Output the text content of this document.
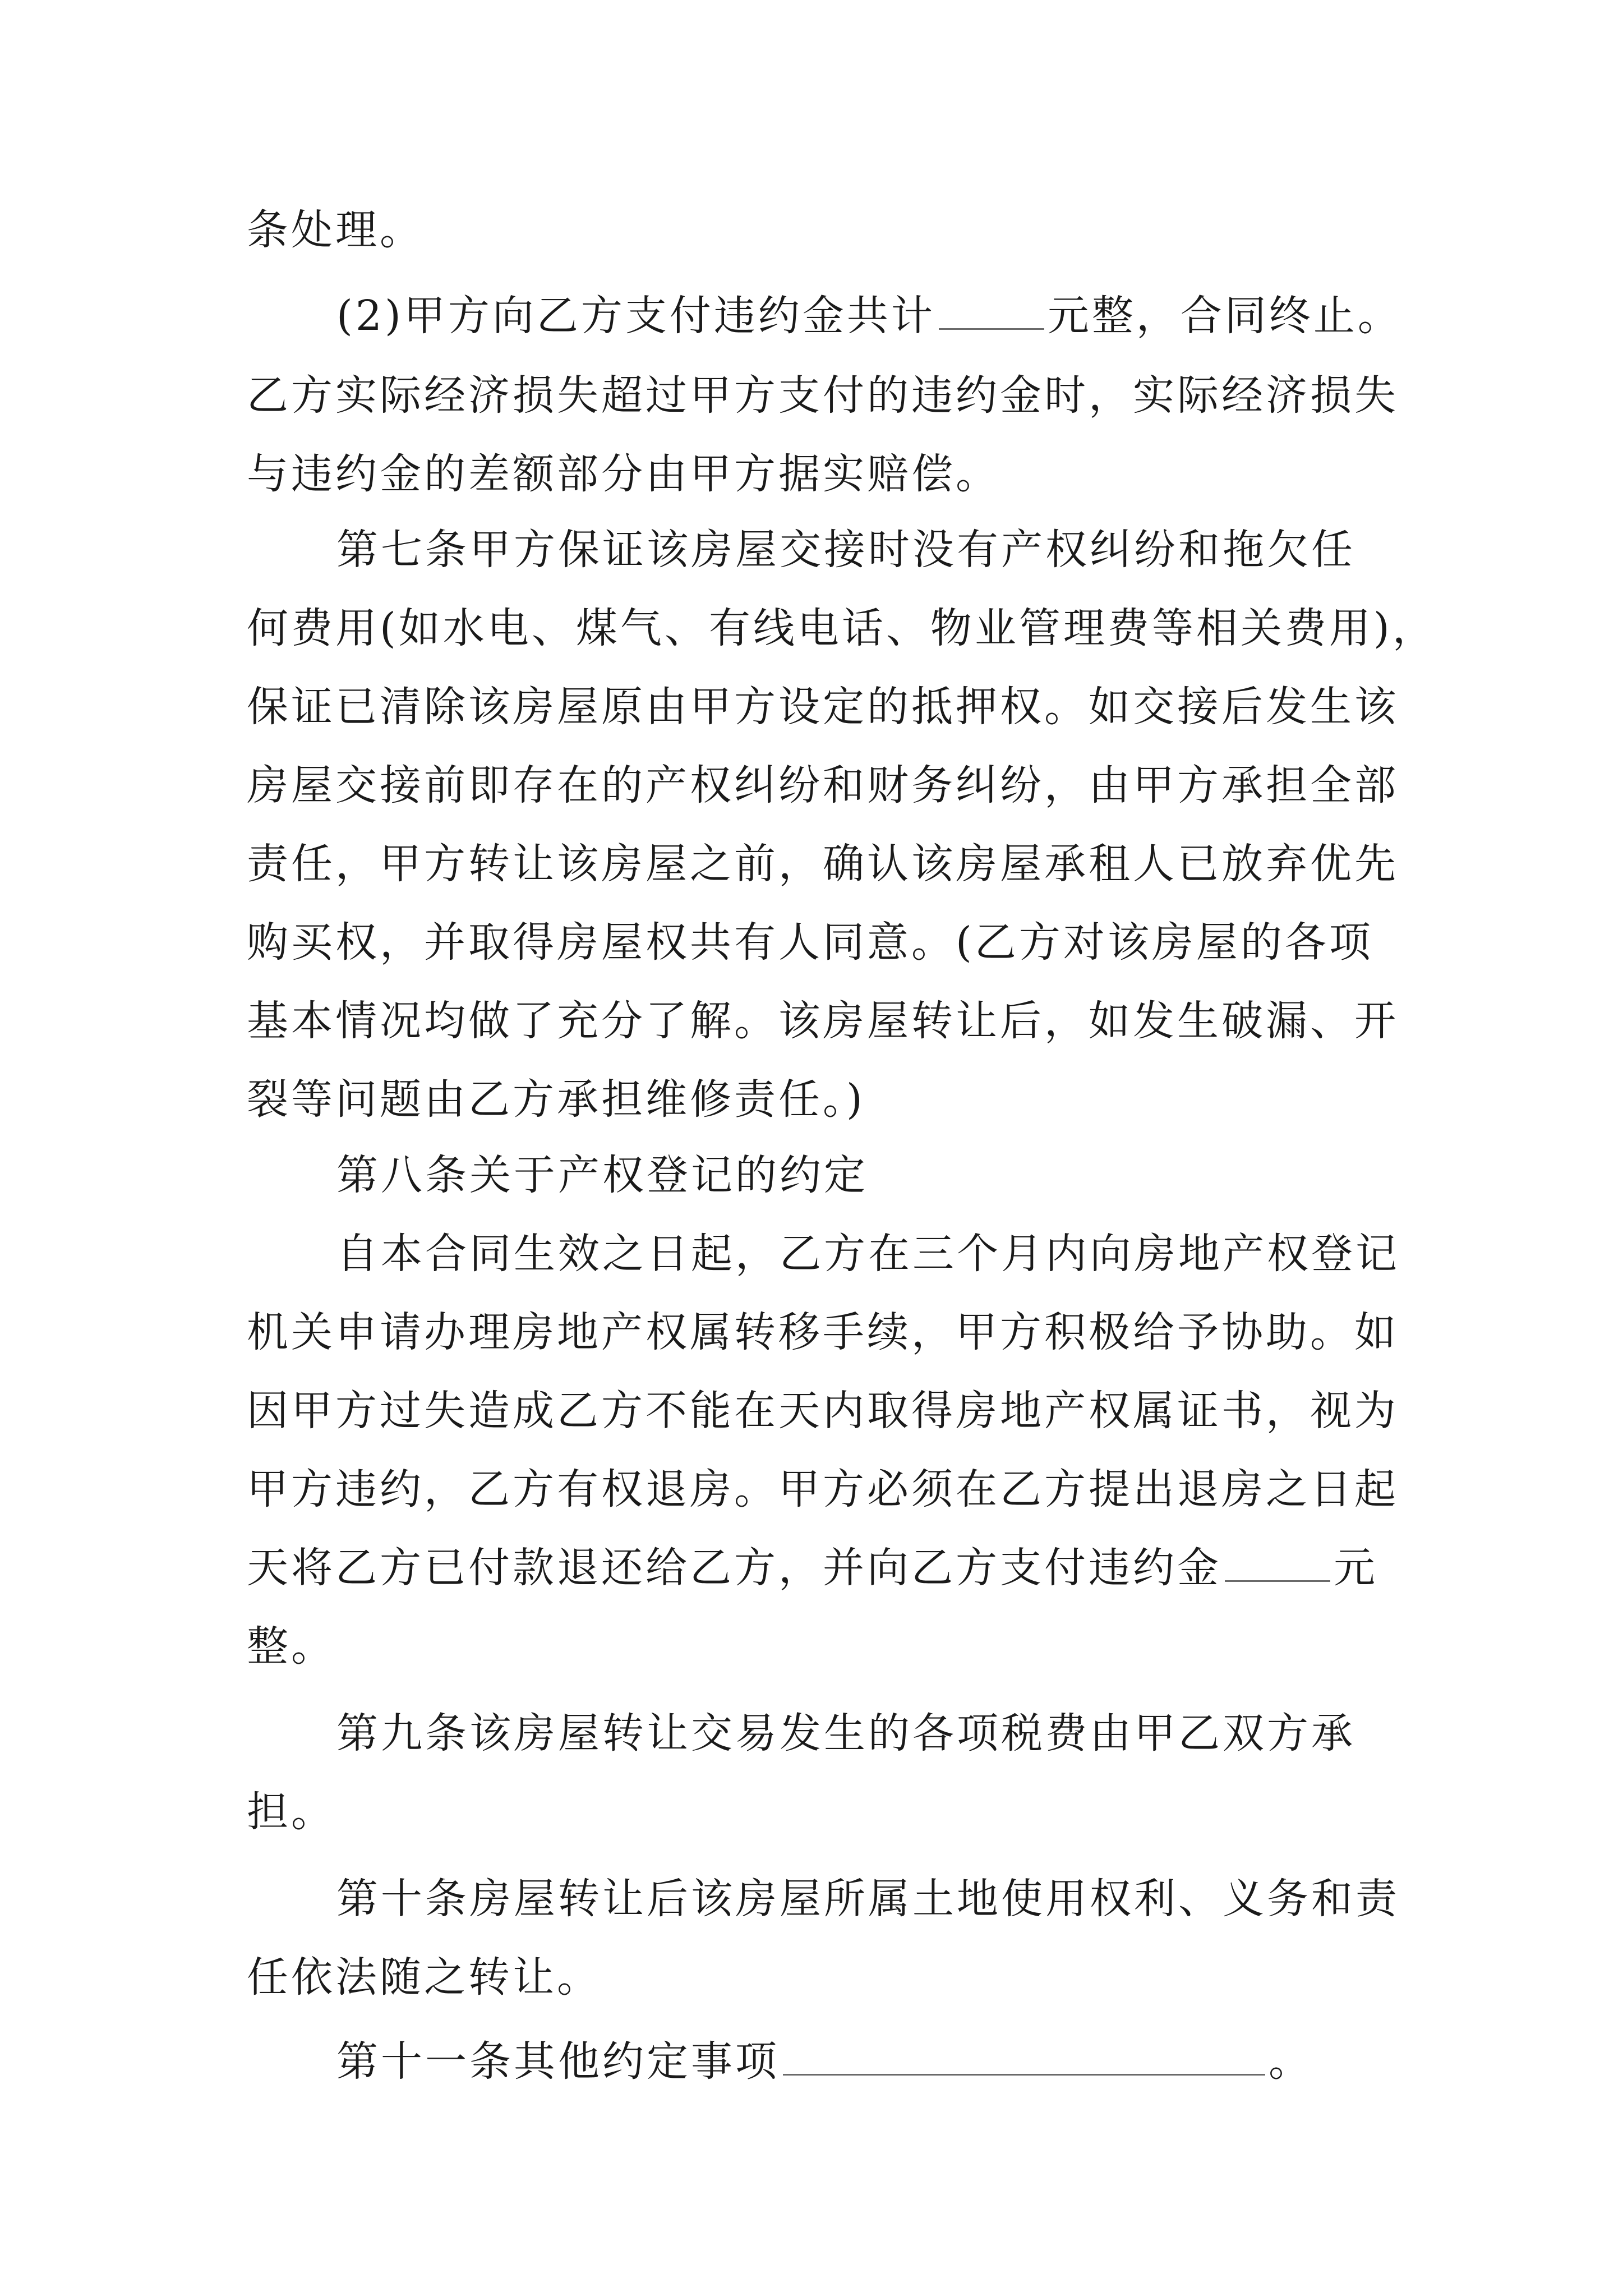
条处理。
(2)甲方向乙方支付违约金共计	元整，合同终止。
乙方实际经济损失超过甲方支付的违约金时，实际经济损失
与违约金的差额部分由甲方据实赔偿。
第七条甲方保证该房屋交接时没有产权纠纷和拖欠任
何费用(如水电、煤气、有线电话、物业管理费等相关费用)，
保证已清除该房屋原由甲方设定的抵押权。如交接后发生该
房屋交接前即存在的产权纠纷和财务纠纷，由甲方承担全部
责任，甲方转让该房屋之前，确认该房屋承租人已放弃优先
购买权，并取得房屋权共有人同意。(乙方对该房屋的各项
基本情况均做了充分了解。该房屋转让后，如发生破漏、开
裂等问题由乙方承担维修责任。)
第八条关于产权登记的约定
自本合同生效之日起，乙方在三个月内向房地产权登记
机关申请办理房地产权属转移手续，甲方积极给予协助。如
因甲方过失造成乙方不能在天内取得房地产权属证书，视为
甲方违约，乙方有权退房。甲方必须在乙方提出退房之日起
天将乙方已付款退还给乙方，并向乙方支付违约金	元
整。
第九条该房屋转让交易发生的各项税费由甲乙双方承
担。
第十条房屋转让后该房屋所属土地使用权利、义务和责
任依法随之转让。
第十一条其他约定事项	。
